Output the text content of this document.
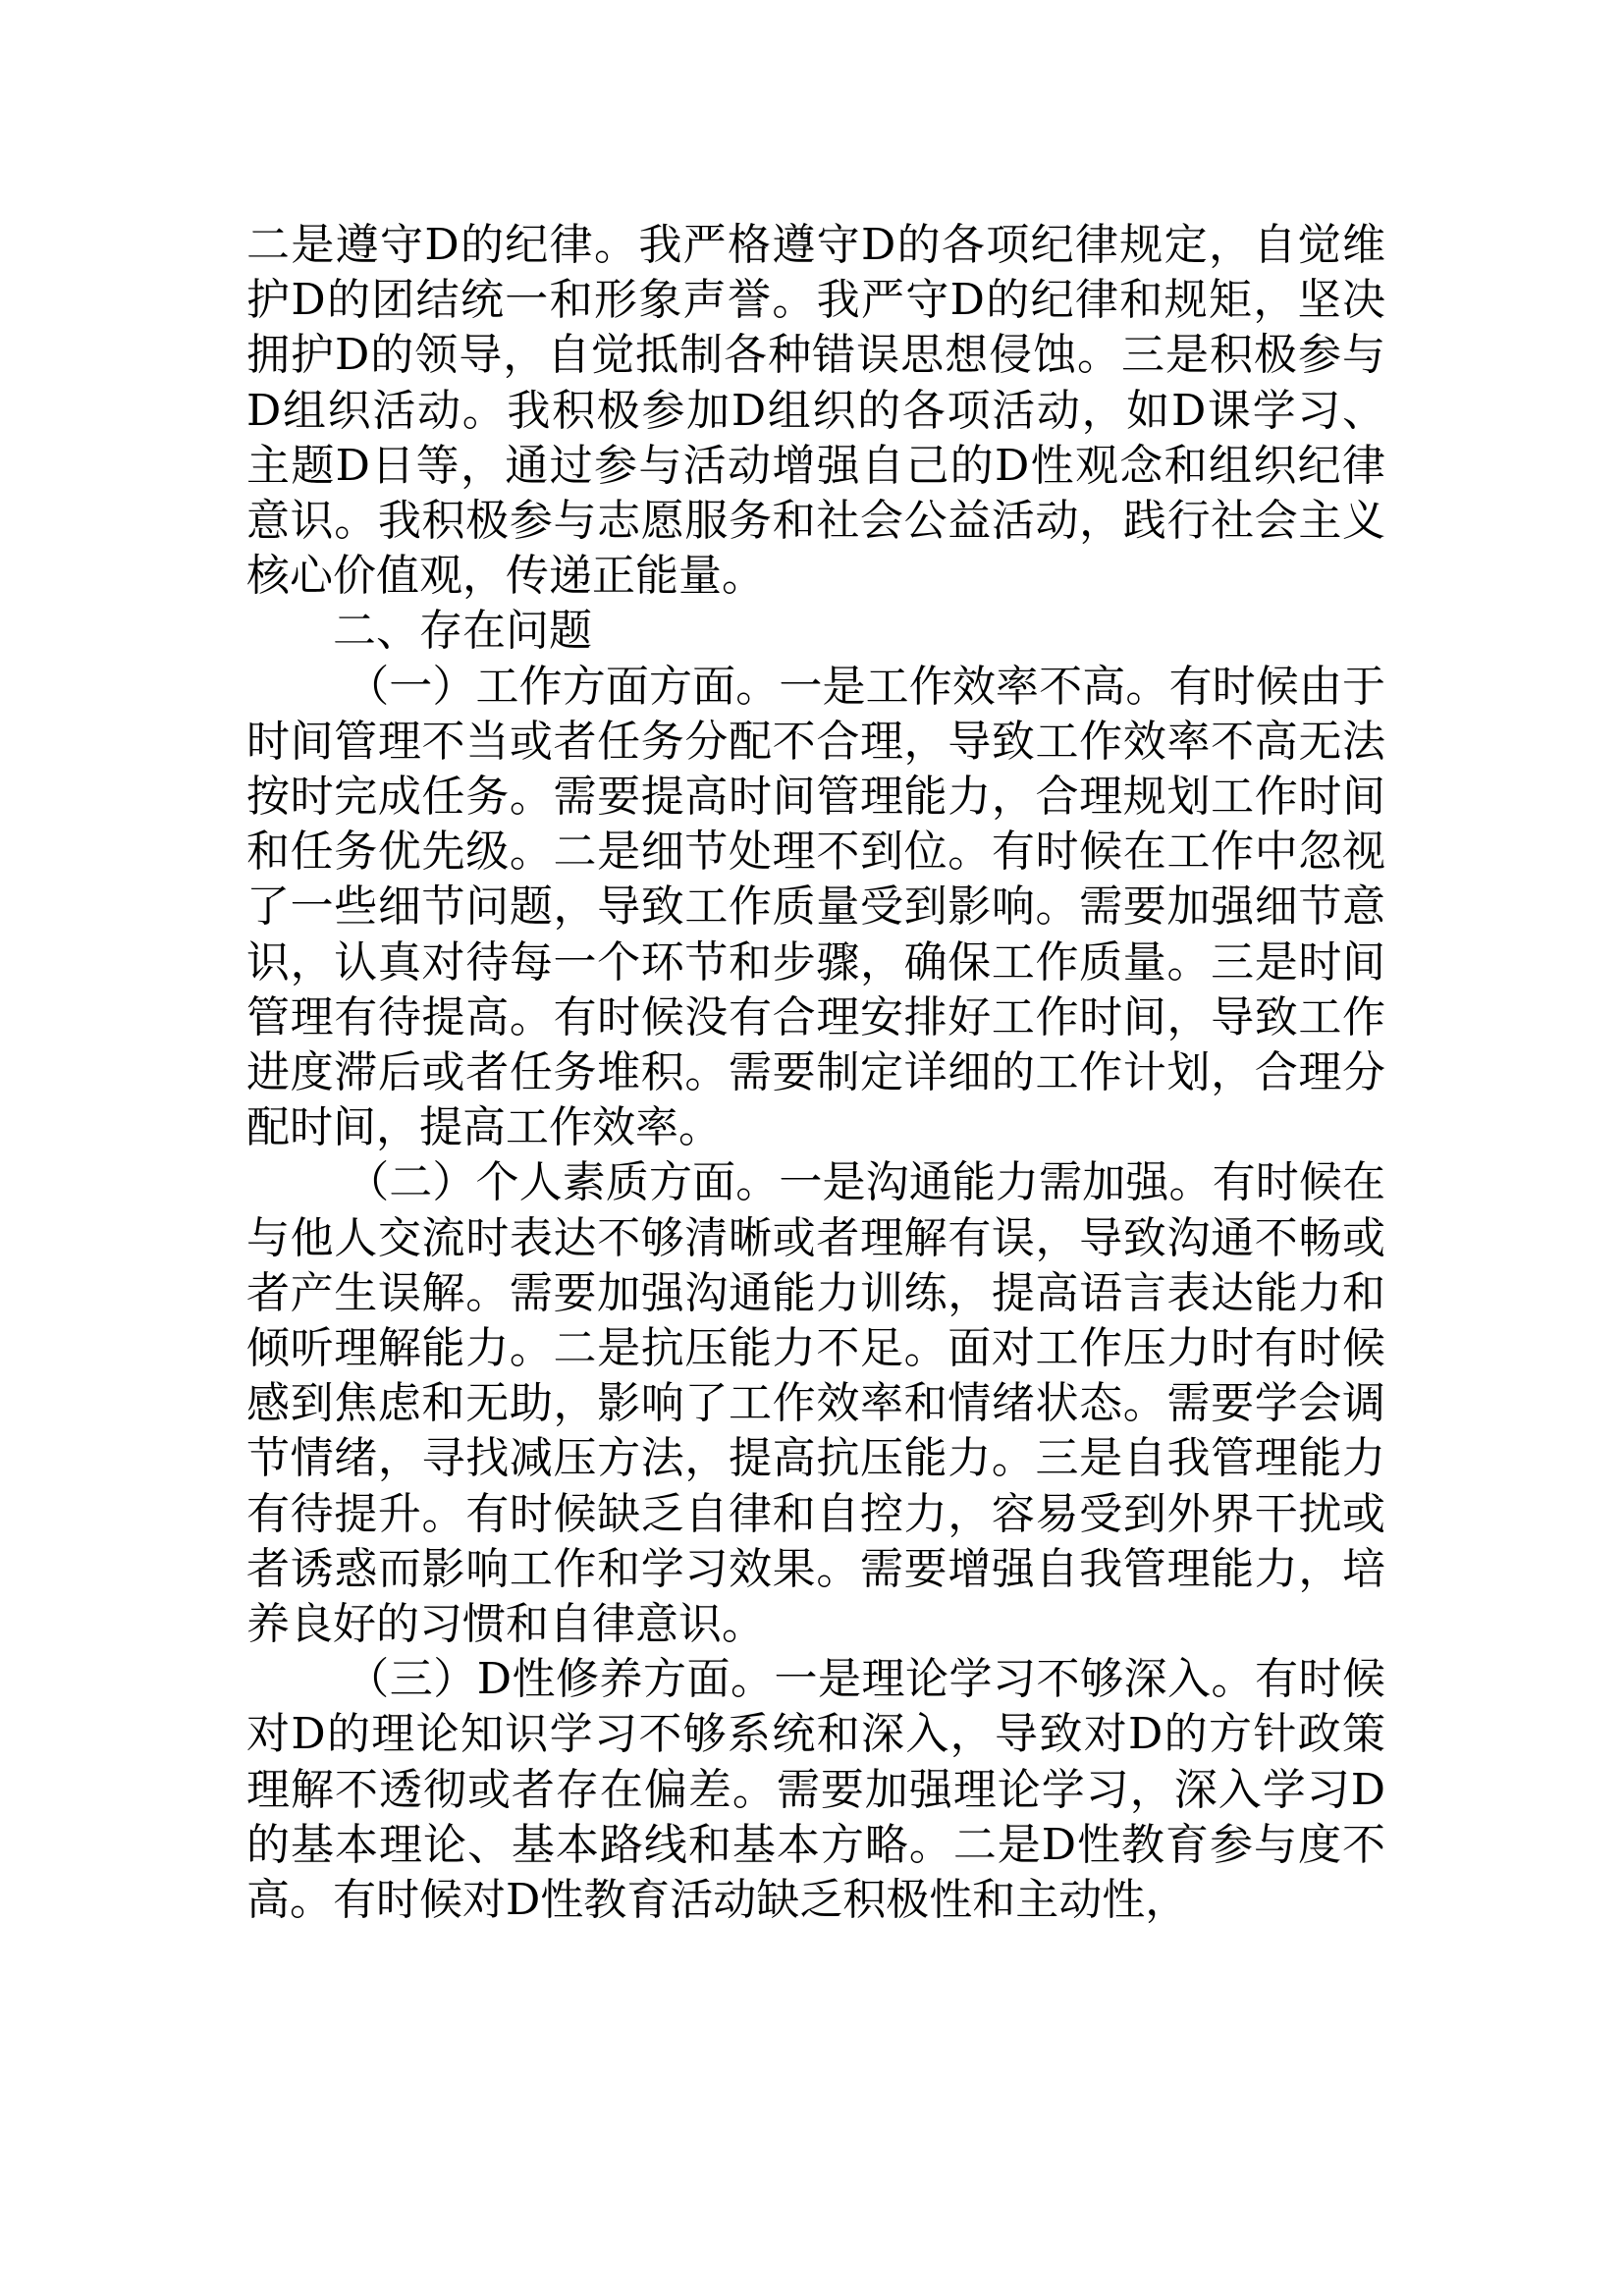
二是遵守D的纪律。我严格遵守D的各项纪律规定，自觉维护D的团结统一和形象声誉。我严守D的纪律和规矩，坚决拥护D的领导，自觉抵制各种错误思想侵蚀。三是积极参与D组织活动。我积极参加D组织的各项活动，如D课学习、主题D日等，通过参与活动增强自己的D性观念和组织纪律意识。我积极参与志愿服务和社会公益活动，践行社会主义核心价值观，传递正能量。

二、存在问题

（一）工作方面方面。一是工作效率不高。有时候由于时间管理不当或者任务分配不合理，导致工作效率不高无法按时完成任务。需要提高时间管理能力，合理规划工作时间和任务优先级。二是细节处理不到位。有时候在工作中忽视了一些细节问题，导致工作质量受到影响。需要加强细节意识，认真对待每一个环节和步骤，确保工作质量。三是时间管理有待提高。有时候没有合理安排好工作时间，导致工作进度滞后或者任务堆积。需要制定详细的工作计划，合理分配时间，提高工作效率。

（二）个人素质方面。一是沟通能力需加强。有时候在与他人交流时表达不够清晰或者理解有误，导致沟通不畅或者产生误解。需要加强沟通能力训练，提高语言表达能力和倾听理解能力。二是抗压能力不足。面对工作压力时有时候感到焦虑和无助，影响了工作效率和情绪状态。需要学会调节情绪，寻找减压方法，提高抗压能力。三是自我管理能力有待提升。有时候缺乏自律和自控力，容易受到外界干扰或者诱惑而影响工作和学习效果。需要增强自我管理能力，培养良好的习惯和自律意识。

（三）D性修养方面。一是理论学习不够深入。有时候对D的理论知识学习不够系统和深入，导致对D的方针政策理解不透彻或者存在偏差。需要加强理论学习，深入学习D的基本理论、基本路线和基本方略。二是D性教育参与度不高。有时候对D性教育活动缺乏积极性和主动性，
